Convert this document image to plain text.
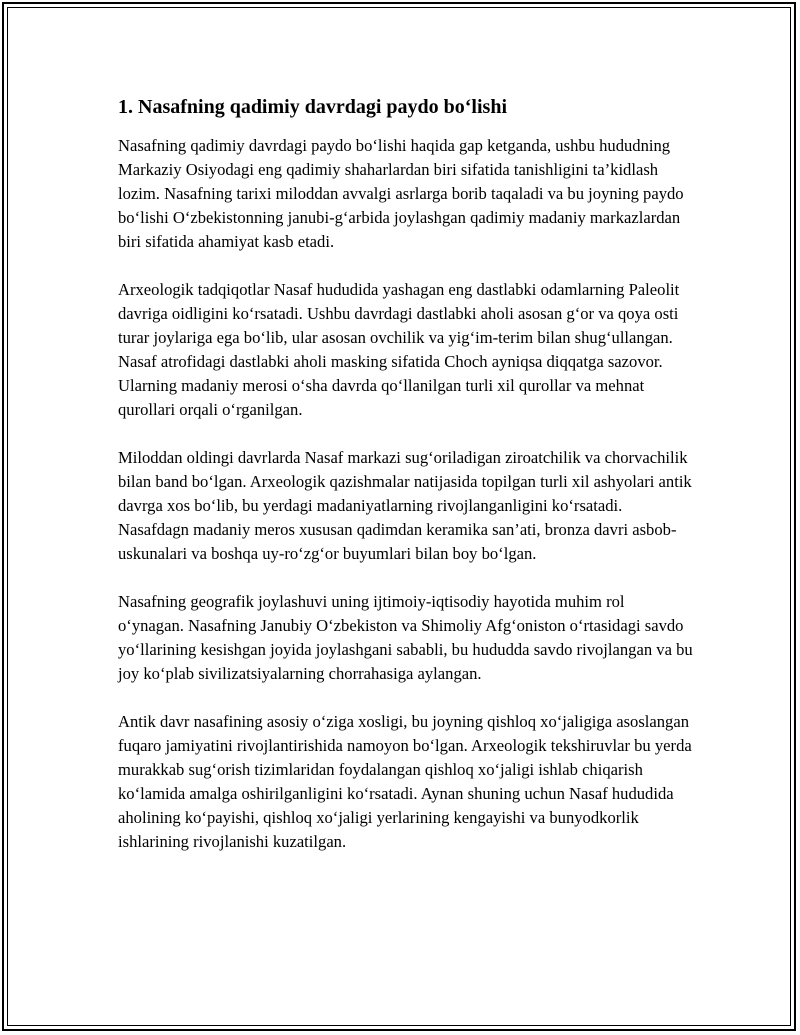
1. Nasafning qadimiy davrdagi paydo bo‘lishi

Nasafning qadimiy davrdagi paydo bo‘lishi haqida gap ketganda, ushbu hududning Markaziy Osiyodagi eng qadimiy shaharlardan biri sifatida tanishligini ta’kidlash lozim. Nasafning tarixi miloddan avvalgi asrlarga borib taqaladi va bu joyning paydo bo‘lishi O‘zbekistonning janubi-g‘arbida joylashgan qadimiy madaniy markazlardan biri sifatida ahamiyat kasb etadi.

Arxeologik tadqiqotlar Nasaf hududida yashagan eng dastlabki odamlarning Paleolit davriga oidligini ko‘rsatadi. Ushbu davrdagi dastlabki aholi asosan g‘or va qoya osti turar joylariga ega bo‘lib, ular asosan ovchilik va yig‘im-terim bilan shug‘ullangan. Nasaf atrofidagi dastlabki aholi masking sifatida Choch ayniqsa diqqatga sazovor. Ularning madaniy merosi o‘sha davrda qo‘llanilgan turli xil qurollar va mehnat qurollari orqali o‘rganilgan.

Miloddan oldingi davrlarda Nasaf markazi sug‘oriladigan ziroatchilik va chorvachilik bilan band bo‘lgan. Arxeologik qazishmalar natijasida topilgan turli xil ashyolari antik davrga xos bo‘lib, bu yerdagi madaniyatlarning rivojlanganligini ko‘rsatadi. Nasafdagn madaniy meros xususan qadimdan keramika san’ati, bronza davri asbob-uskunalari va boshqa uy-ro‘zg‘or buyumlari bilan boy bo‘lgan.

Nasafning geografik joylashuvi uning ijtimoiy-iqtisodiy hayotida muhim rol o‘ynagan. Nasafning Janubiy O‘zbekiston va Shimoliy Afg‘oniston o‘rtasidagi savdo yo‘llarining kesishgan joyida joylashgani sababli, bu hududda savdo rivojlangan va bu joy ko‘plab sivilizatsiyalarning chorrahasiga aylangan.

Antik davr nasafining asosiy o‘ziga xosligi, bu joyning qishloq xo‘jaligiga asoslangan fuqaro jamiyatini rivojlantirishida namoyon bo‘lgan. Arxeologik tekshiruvlar bu yerda murakkab sug‘orish tizimlaridan foydalangan qishloq xo‘jaligi ishlab chiqarish ko‘lamida amalga oshirilganligini ko‘rsatadi. Aynan shuning uchun Nasaf hududida aholining ko‘payishi, qishloq xo‘jaligi yerlarining kengayishi va bunyodkorlik ishlarining rivojlanishi kuzatilgan.
